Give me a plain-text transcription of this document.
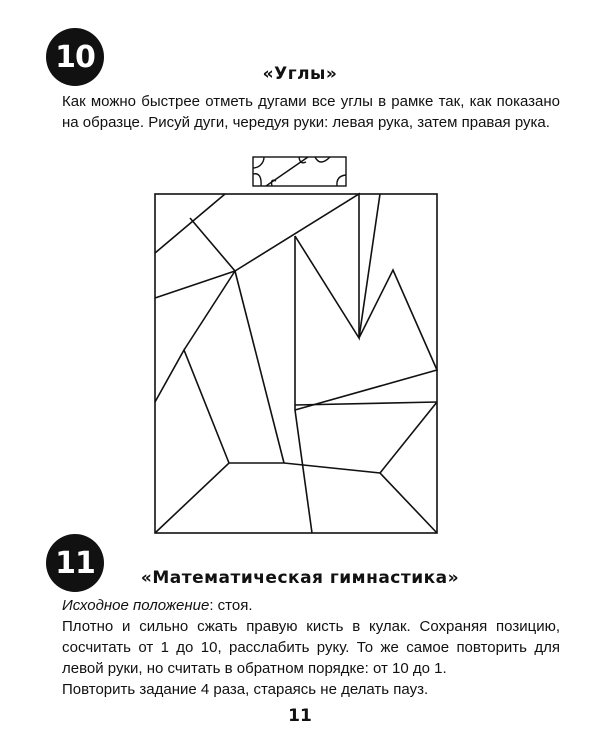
10	«Углы»

Как можно быстрее отметь дугами все углы в рамке так, как показано на образце. Рисуй дуги, чередуя руки: левая рука, затем правая рука.

11	«Математическая гимнастика»

Исходное положение: стоя.

Плотно и сильно сжать правую кисть в кулак. Сохраняя позицию, сосчитать от 1 до 10, расслабить руку. То же самое повторить для левой руки, но считать в обратном порядке: от 10 до 1.

Повторить задание 4 раза, стараясь не делать пауз.

11
